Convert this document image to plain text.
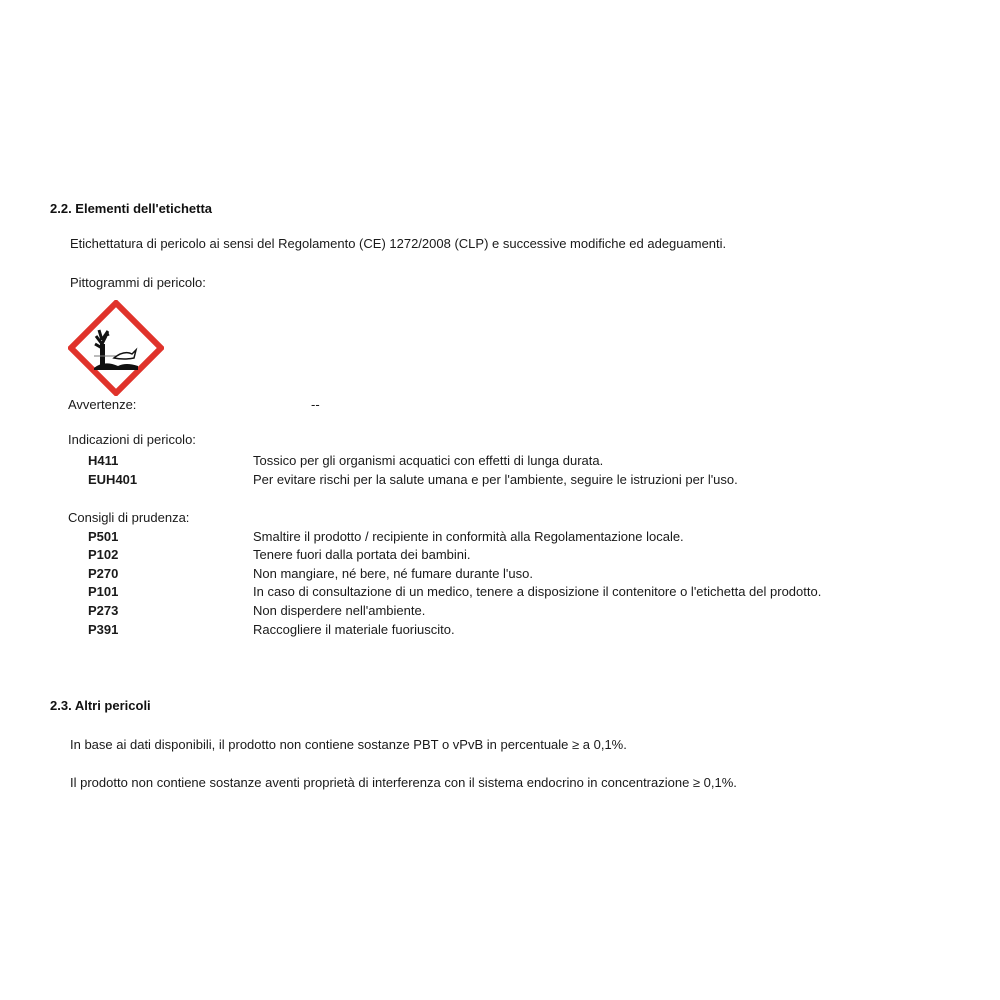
2.2. Elementi dell'etichetta
Etichettatura di pericolo ai sensi del Regolamento (CE) 1272/2008 (CLP) e successive modifiche ed adeguamenti.
Pittogrammi di pericolo:
Avvertenze:	--
Indicazioni di pericolo:
H411	Tossico per gli organismi acquatici con effetti di lunga durata.
EUH401	Per evitare rischi per la salute umana e per l'ambiente, seguire le istruzioni per l'uso.
Consigli di prudenza:
P501	Smaltire il prodotto / recipiente in conformità alla Regolamentazione locale.
P102	Tenere fuori dalla portata dei bambini.
P270	Non mangiare, né bere, né fumare durante l'uso.
P101	In caso di consultazione di un medico, tenere a disposizione il contenitore o l'etichetta del prodotto.
P273	Non disperdere nell'ambiente.
P391	Raccogliere il materiale fuoriuscito.
2.3. Altri pericoli
In base ai dati disponibili, il prodotto non contiene sostanze PBT o vPvB in percentuale ≥ a 0,1%.
Il prodotto non contiene sostanze aventi proprietà di interferenza con il sistema endocrino in concentrazione ≥ 0,1%.
